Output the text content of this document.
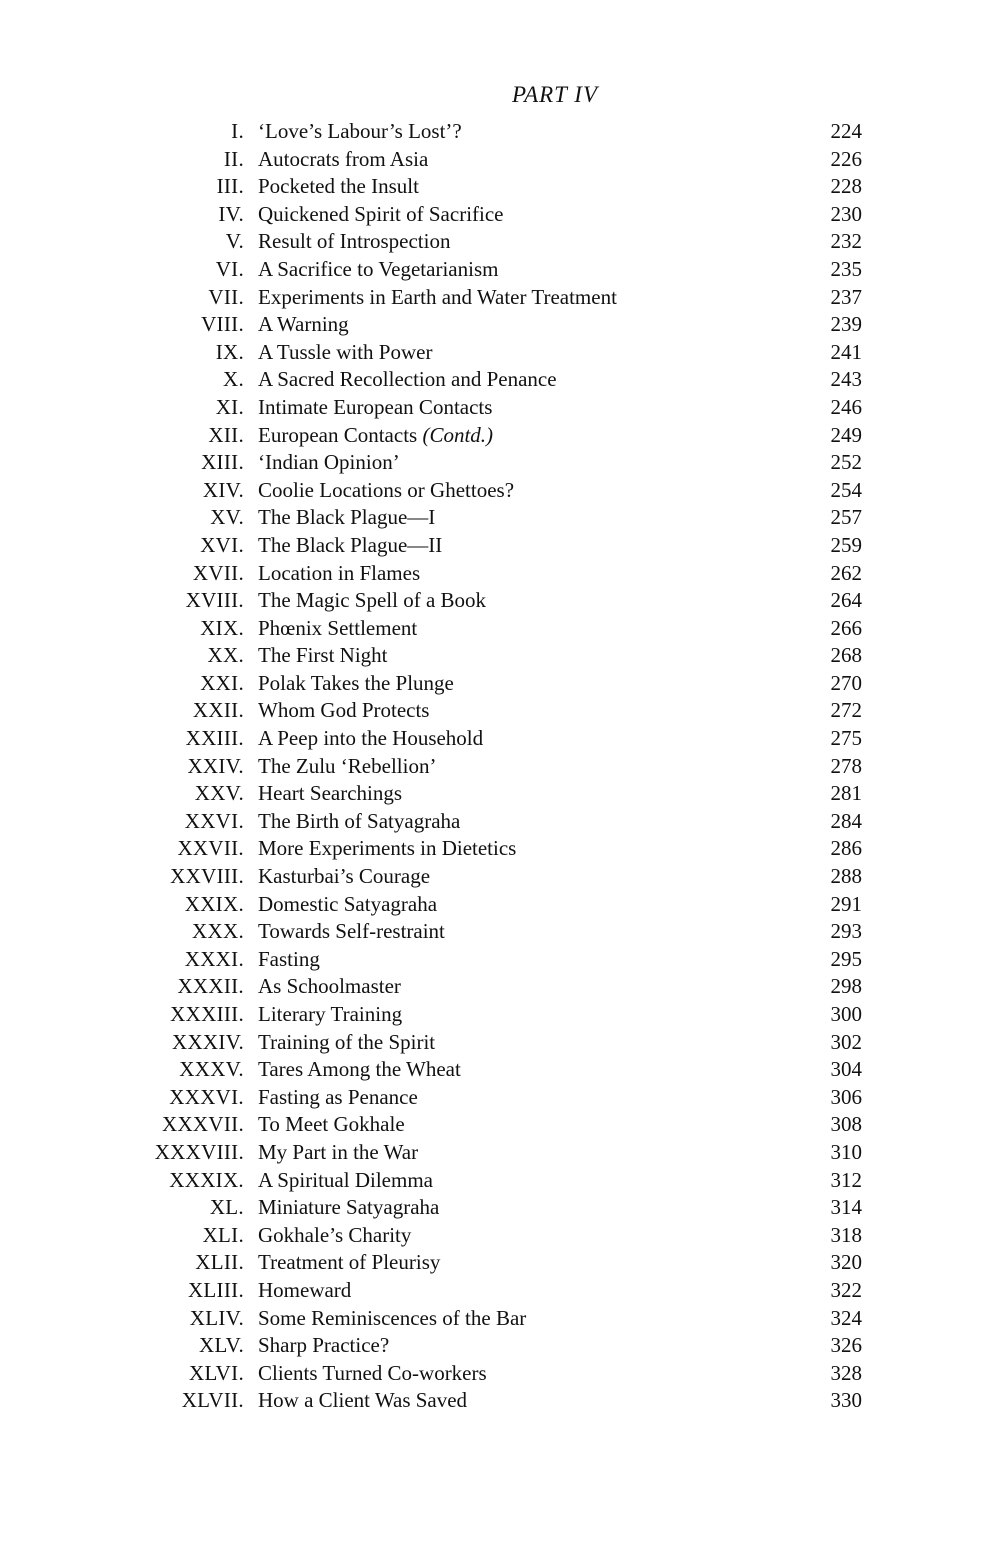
PART IV
I. ‘Love’s Labour’s Lost’?	224
II. Autocrats from Asia	226
III. Pocketed the Insult	228
IV. Quickened Spirit of Sacrifice	230
V. Result of Introspection	232
VI. A Sacrifice to Vegetarianism	235
VII. Experiments in Earth and Water Treatment	237
VIII. A Warning	239
IX. A Tussle with Power	241
X. A Sacred Recollection and Penance	243
XI. Intimate European Contacts	246
XII. European Contacts (Contd.)	249
XIII. ‘Indian Opinion’	252
XIV. Coolie Locations or Ghettoes?	254
XV. The Black Plague—I	257
XVI. The Black Plague—II	259
XVII. Location in Flames	262
XVIII. The Magic Spell of a Book	264
XIX. Phœnix Settlement	266
XX. The First Night	268
XXI. Polak Takes the Plunge	270
XXII. Whom God Protects	272
XXIII. A Peep into the Household	275
XXIV. The Zulu ‘Rebellion’	278
XXV. Heart Searchings	281
XXVI. The Birth of Satyagraha	284
XXVII. More Experiments in Dietetics	286
XXVIII. Kasturbai’s Courage	288
XXIX. Domestic Satyagraha	291
XXX. Towards Self-restraint	293
XXXI. Fasting	295
XXXII. As Schoolmaster	298
XXXIII. Literary Training	300
XXXIV. Training of the Spirit	302
XXXV. Tares Among the Wheat	304
XXXVI. Fasting as Penance	306
XXXVII. To Meet Gokhale	308
XXXVIII. My Part in the War	310
XXXIX. A Spiritual Dilemma	312
XL. Miniature Satyagraha	314
XLI. Gokhale’s Charity	318
XLII. Treatment of Pleurisy	320
XLIII. Homeward	322
XLIV. Some Reminiscences of the Bar	324
XLV. Sharp Practice?	326
XLVI. Clients Turned Co-workers	328
XLVII. How a Client Was Saved	330
